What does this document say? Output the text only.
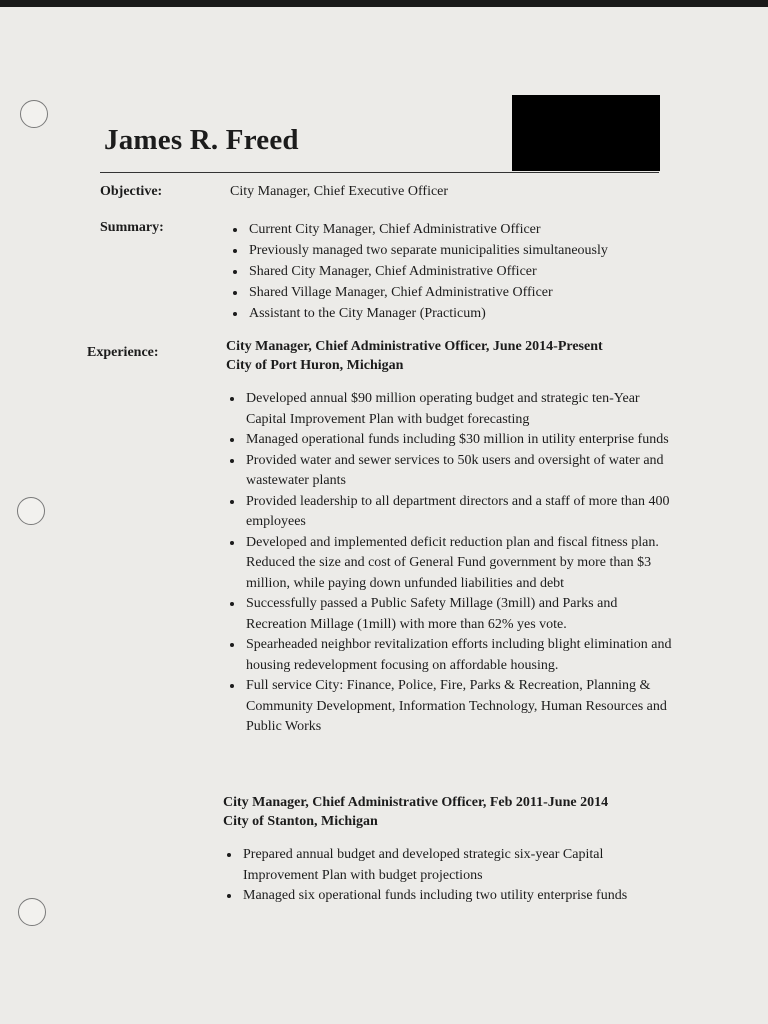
James R. Freed
Objective:	City Manager, Chief Executive Officer
Summary:
•	Current City Manager, Chief Administrative Officer
• Previously managed two separate municipalities simultaneously
• Shared City Manager, Chief Administrative Officer
• Shared Village Manager, Chief Administrative Officer
• Assistant to the City Manager (Practicum)
Experience:	City Manager, Chief Administrative Officer, June 2014-Present
City of Port Huron, Michigan
• Developed annual $90 million operating budget and strategic ten-Year Capital Improvement Plan with budget forecasting
• Managed operational funds including $30 million in utility enterprise funds
• Provided water and sewer services to 50k users and oversight of water and wastewater plants
• Provided leadership to all department directors and a staff of more than 400 employees
• Developed and implemented deficit reduction plan and fiscal fitness plan. Reduced the size and cost of General Fund government by more than $3 million, while paying down unfunded liabilities and debt
• Successfully passed a Public Safety Millage (3mill) and Parks and Recreation Millage (1mill) with more than 62% yes vote.
• Spearheaded neighbor revitalization efforts including blight elimination and housing redevelopment focusing on affordable housing.
• Full service City: Finance, Police, Fire, Parks & Recreation, Planning & Community Development, Information Technology, Human Resources and Public Works
City Manager, Chief Administrative Officer, Feb 2011-June 2014
City of Stanton, Michigan
• Prepared annual budget and developed strategic six-year Capital Improvement Plan with budget projections
• Managed six operational funds including two utility enterprise funds
